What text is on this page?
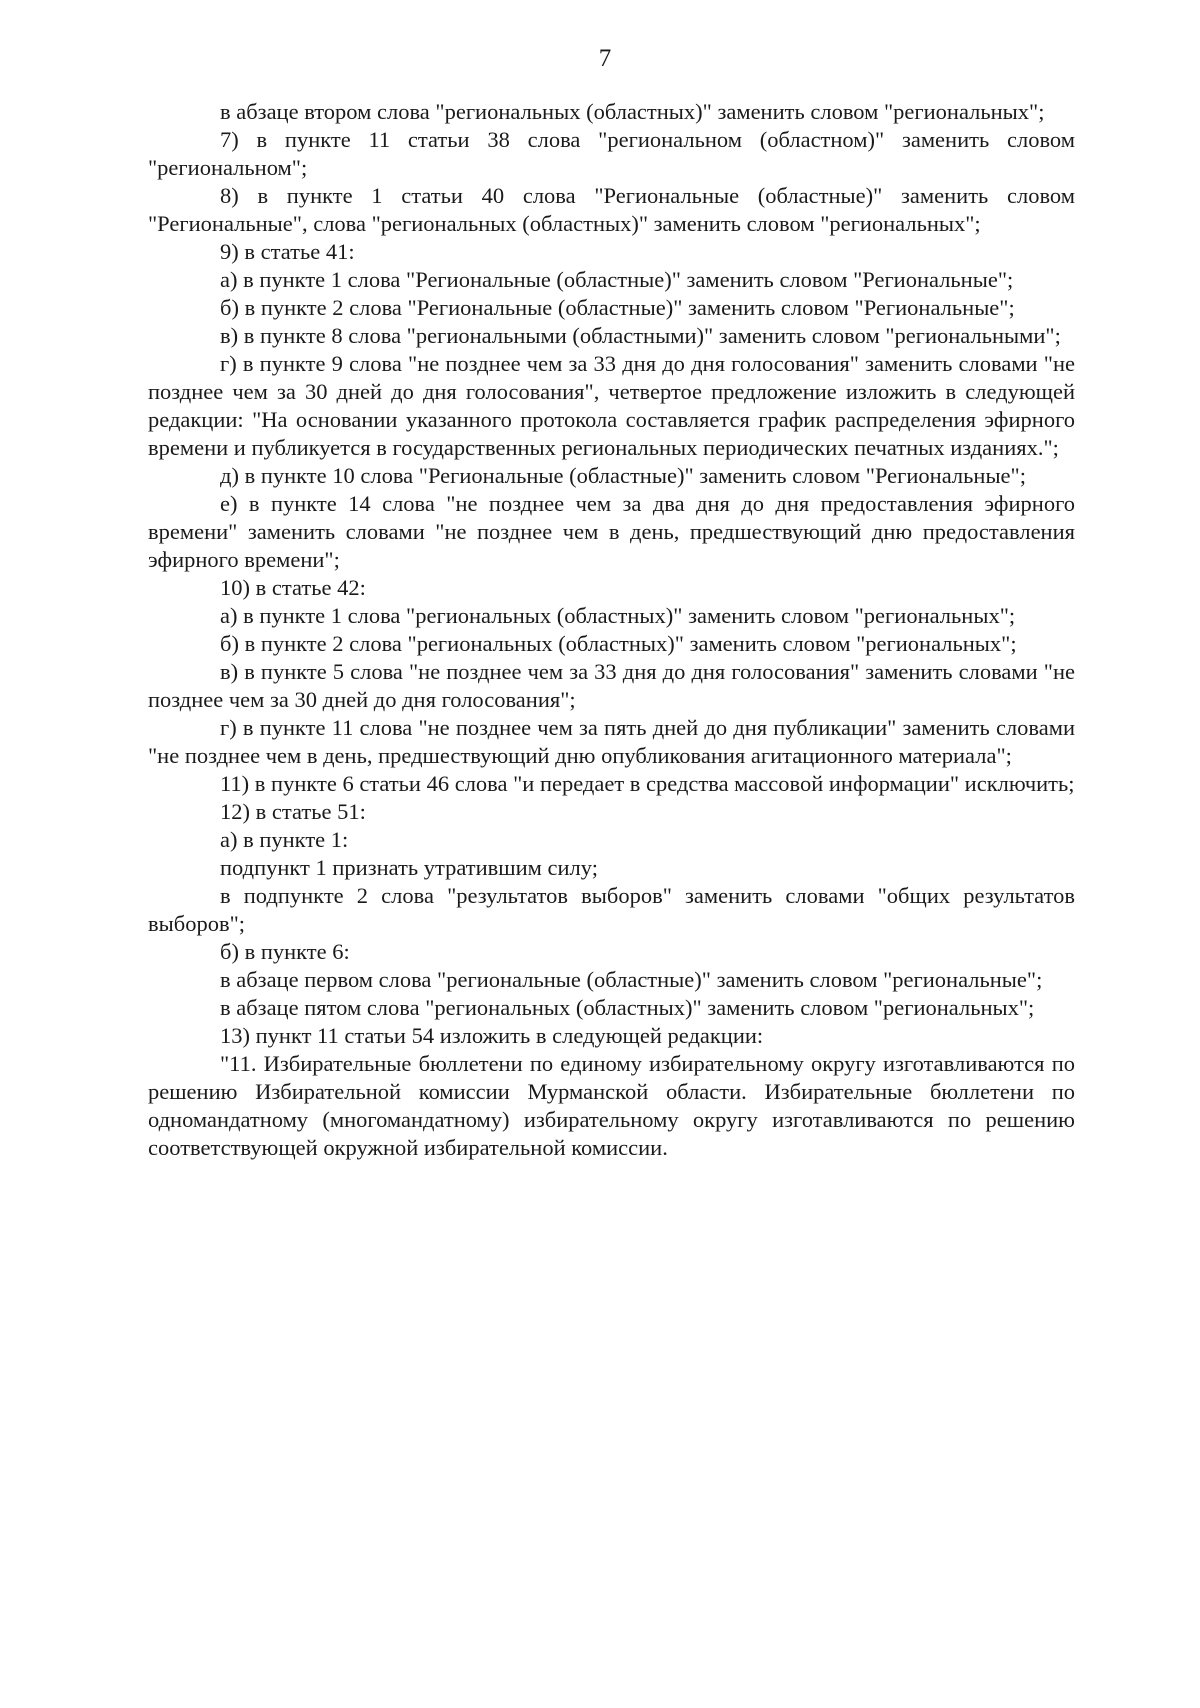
7

в абзаце втором слова "региональных (областных)" заменить словом "региональных";

7) в пункте 11 статьи 38 слова "региональном (областном)" заменить словом "региональном";

8) в пункте 1 статьи 40 слова "Региональные (областные)" заменить словом "Региональные", слова "региональных (областных)" заменить словом "региональных";

9) в статье 41:

а) в пункте 1 слова "Региональные (областные)" заменить словом "Региональные";

б) в пункте 2 слова "Региональные (областные)" заменить словом "Региональные";

в) в пункте 8 слова "региональными (областными)" заменить словом "региональными";

г) в пункте 9 слова "не позднее чем за 33 дня до дня голосования" заменить словами "не позднее чем за 30 дней до дня голосования", четвертое предложение изложить в следующей редакции: "На основании указанного протокола составляется график распределения эфирного времени и публикуется в государственных региональных периодических печатных изданиях.";

д) в пункте 10 слова "Региональные (областные)" заменить словом "Региональные";

е) в пункте 14 слова "не позднее чем за два дня до дня предоставления эфирного времени" заменить словами "не позднее чем в день, предшествующий дню предоставления эфирного времени";

10) в статье 42:

а) в пункте 1 слова "региональных (областных)" заменить словом "региональных";

б) в пункте 2 слова "региональных (областных)" заменить словом "региональных";

в) в пункте 5 слова "не позднее чем за 33 дня до дня голосования" заменить словами "не позднее чем за 30 дней до дня голосования";

г) в пункте 11 слова "не позднее чем за пять дней до дня публикации" заменить словами "не позднее чем в день, предшествующий дню опубликования агитационного материала";

11) в пункте 6 статьи 46 слова "и передает в средства массовой информации" исключить;

12) в статье 51:

а) в пункте 1:

подпункт 1 признать утратившим силу;

в подпункте 2 слова "результатов выборов" заменить словами "общих результатов выборов";

б) в пункте 6:

в абзаце первом слова "региональные (областные)" заменить словом "региональные";

в абзаце пятом слова "региональных (областных)" заменить словом "региональных";

13) пункт 11 статьи 54 изложить в следующей редакции:

"11. Избирательные бюллетени по единому избирательному округу изготавливаются по решению Избирательной комиссии Мурманской области. Избирательные бюллетени по одномандатному (многомандатному) избирательному округу изготавливаются по решению соответствующей окружной избирательной комиссии.
